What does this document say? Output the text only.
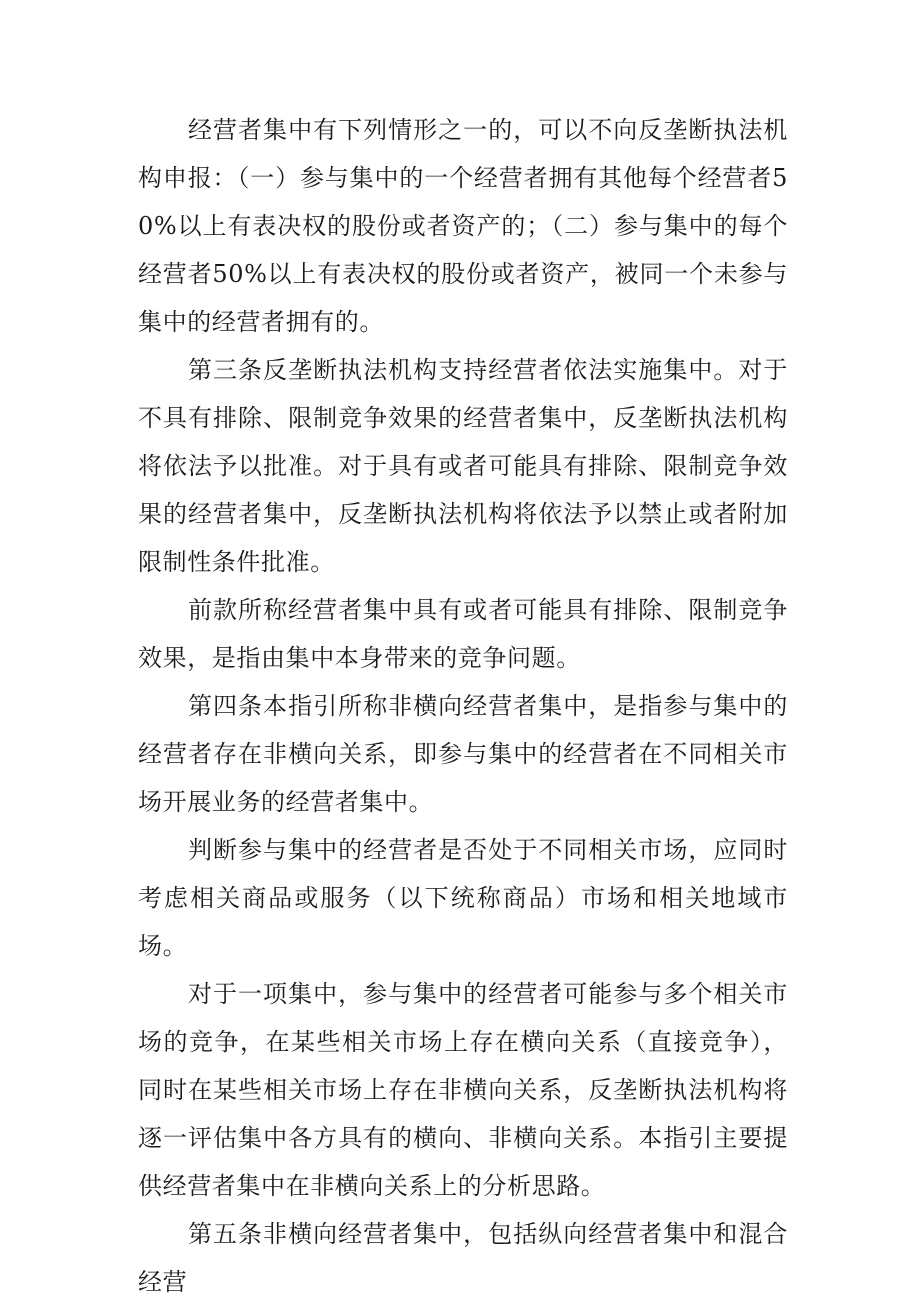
经营者集中有下列情形之一的，可以不向反垄断执法机构申报：（一）参与集中的一个经营者拥有其他每个经营者50%以上有表决权的股份或者资产的；（二）参与集中的每个经营者50%以上有表决权的股份或者资产，被同一个未参与集中的经营者拥有的。

第三条反垄断执法机构支持经营者依法实施集中。对于不具有排除、限制竞争效果的经营者集中，反垄断执法机构将依法予以批准。对于具有或者可能具有排除、限制竞争效果的经营者集中，反垄断执法机构将依法予以禁止或者附加限制性条件批准。

前款所称经营者集中具有或者可能具有排除、限制竞争效果，是指由集中本身带来的竞争问题。

第四条本指引所称非横向经营者集中，是指参与集中的经营者存在非横向关系，即参与集中的经营者在不同相关市场开展业务的经营者集中。

判断参与集中的经营者是否处于不同相关市场，应同时考虑相关商品或服务（以下统称商品）市场和相关地域市场。

对于一项集中，参与集中的经营者可能参与多个相关市场的竞争，在某些相关市场上存在横向关系（直接竞争），同时在某些相关市场上存在非横向关系，反垄断执法机构将逐一评估集中各方具有的横向、非横向关系。本指引主要提供经营者集中在非横向关系上的分析思路。

第五条非横向经营者集中，包括纵向经营者集中和混合经营
